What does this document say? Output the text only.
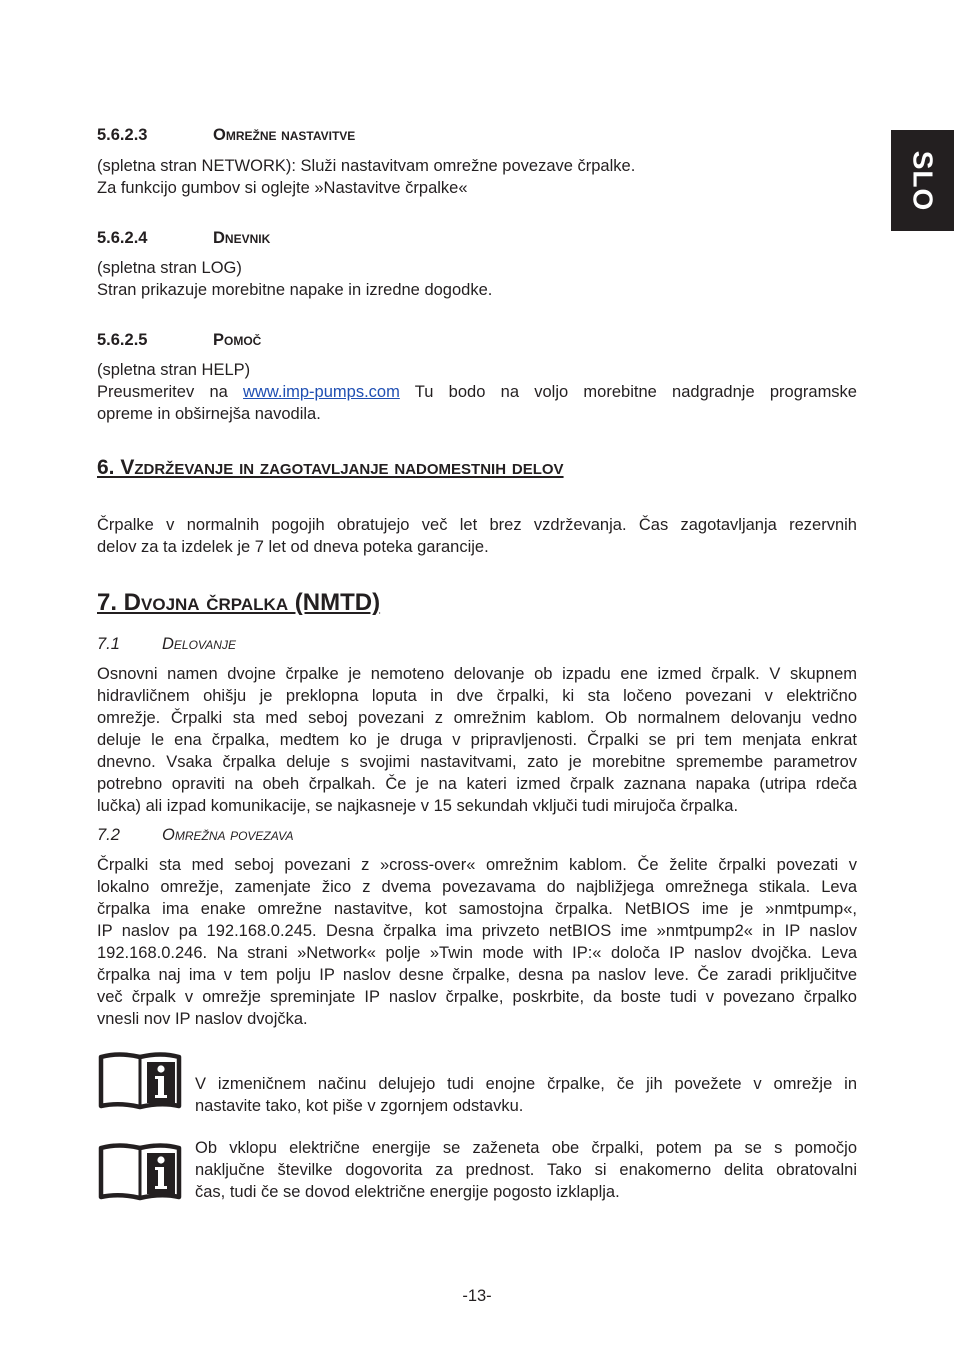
SLO
5.6.2.3	Omrežne nastavitve
(spletna stran NETWORK): Služi nastavitvam omrežne povezave črpalke.
Za funkcijo gumbov si oglejte »Nastavitve črpalke«
5.6.2.4	Dnevnik
(spletna stran LOG)
Stran prikazuje morebitne napake in izredne dogodke.
5.6.2.5	Pomoč
(spletna stran HELP)
Preusmeritev na www.imp-pumps.com Tu bodo na voljo morebitne nadgradnje programske
opreme in obširnejša navodila.
6. Vzdrževanje in zagotavljanje nadomestnih delov
Črpalke v normalnih pogojih obratujejo več let brez vzdrževanja. Čas zagotavljanja rezervnih
delov za ta izdelek je 7 let od dneva poteka garancije.
7. Dvojna črpalka (NMTD)
7.1	Delovanje
Osnovni namen dvojne črpalke je nemoteno delovanje ob izpadu ene izmed črpalk. V skupnem
hidravličnem ohišju je preklopna loputa in dve črpalki, ki sta ločeno povezani v električno
omrežje. Črpalki sta med seboj povezani z omrežnim kablom. Ob normalnem delovanju vedno
deluje le ena črpalka, medtem ko je druga v pripravljenosti. Črpalki se pri tem menjata enkrat
dnevno. Vsaka črpalka deluje s svojimi nastavitvami, zato je morebitne spremembe parametrov
potrebno opraviti na obeh črpalkah. Če je na kateri izmed črpalk zaznana napaka (utripa rdeča
lučka) ali izpad komunikacije, se najkasneje v 15 sekundah vključi tudi mirujoča črpalka.
7.2	Omrežna povezava
Črpalki sta med seboj povezani z »cross-over« omrežnim kablom. Če želite črpalki povezati v
lokalno omrežje, zamenjate žico z dvema povezavama do najbližjega omrežnega stikala. Leva
črpalka ima enake omrežne nastavitve, kot samostojna črpalka. NetBIOS ime je »nmtpump«,
IP naslov pa 192.168.0.245. Desna črpalka ima privzeto netBIOS ime »nmtpump2« in IP naslov
192.168.0.246. Na strani »Network« polje »Twin mode with IP:« določa IP naslov dvojčka. Leva
črpalka naj ima v tem polju IP naslov desne črpalke, desna pa naslov leve. Če zaradi priključitve
več črpalk v omrežje spreminjate IP naslov črpalke, poskrbite, da boste tudi v povezano črpalko
vnesli nov IP naslov dvojčka.
V izmeničnem načinu delujejo tudi enojne črpalke, če jih povežete v omrežje in
nastavite tako, kot piše v zgornjem odstavku.
Ob vklopu električne energije se zaženeta obe črpalki, potem pa se s pomočjo
naključne številke dogovorita za prednost. Tako si enakomerno delita obratovalni
čas, tudi če se dovod električne energije pogosto izklaplja.
-13-
